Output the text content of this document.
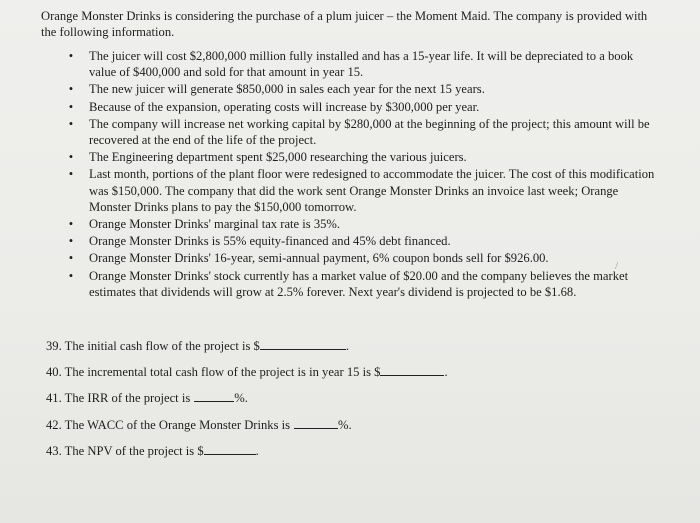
Orange Monster Drinks is considering the purchase of a plum juicer – the Moment Maid. The company is provided with the following information.

• The juicer will cost $2,800,000 million fully installed and has a 15-year life. It will be depreciated to a book value of $400,000 and sold for that amount in year 15.
• The new juicer will generate $850,000 in sales each year for the next 15 years.
• Because of the expansion, operating costs will increase by $300,000 per year.
• The company will increase net working capital by $280,000 at the beginning of the project; this amount will be recovered at the end of the life of the project.
• The Engineering department spent $25,000 researching the various juicers.
• Last month, portions of the plant floor were redesigned to accommodate the juicer. The cost of this modification was $150,000. The company that did the work sent Orange Monster Drinks an invoice last week; Orange Monster Drinks plans to pay the $150,000 tomorrow.
• Orange Monster Drinks' marginal tax rate is 35%.
• Orange Monster Drinks is 55% equity-financed and 45% debt financed.
• Orange Monster Drinks' 16-year, semi-annual payment, 6% coupon bonds sell for $926.00.
• Orange Monster Drinks' stock currently has a market value of $20.00 and the company believes the market estimates that dividends will grow at 2.5% forever. Next year's dividend is projected to be $1.68.
/
39. The initial cash flow of the project is $	.
40. The incremental total cash flow of the project is in year 15 is $	.
41. The IRR of the project is	%.
42. The WACC of the Orange Monster Drinks is	%.
43. The NPV of the project is $	.
